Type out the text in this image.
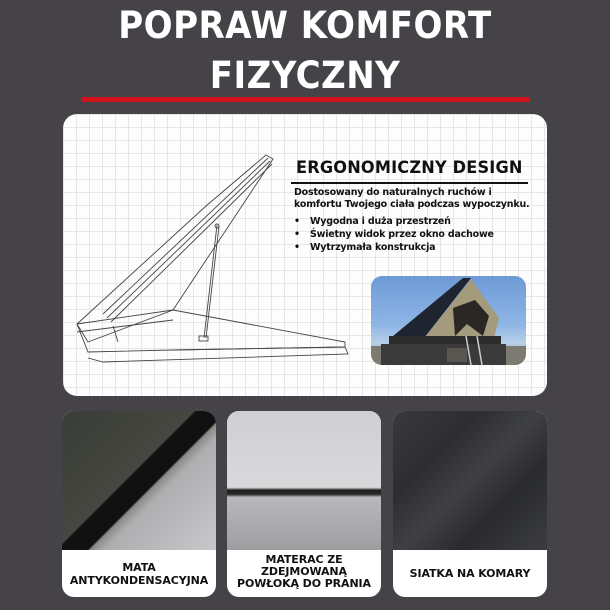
POPRAW KOMFORT
FIZYCZNY
ERGONOMICZNY DESIGN
Dostosowany do naturalnych ruchów i komfortu Twojego ciała podczas wypoczynku.
•	Wygodna i duża przestrzeń
•	Świetny widok przez okno dachowe
•	Wytrzymała konstrukcja
MATA
ANTYKONDENSACYJNA
MATERAC ZE
ZDEJMOWANĄ
POWŁOKĄ DO PRANIA
SIATKA NA KOMARY
